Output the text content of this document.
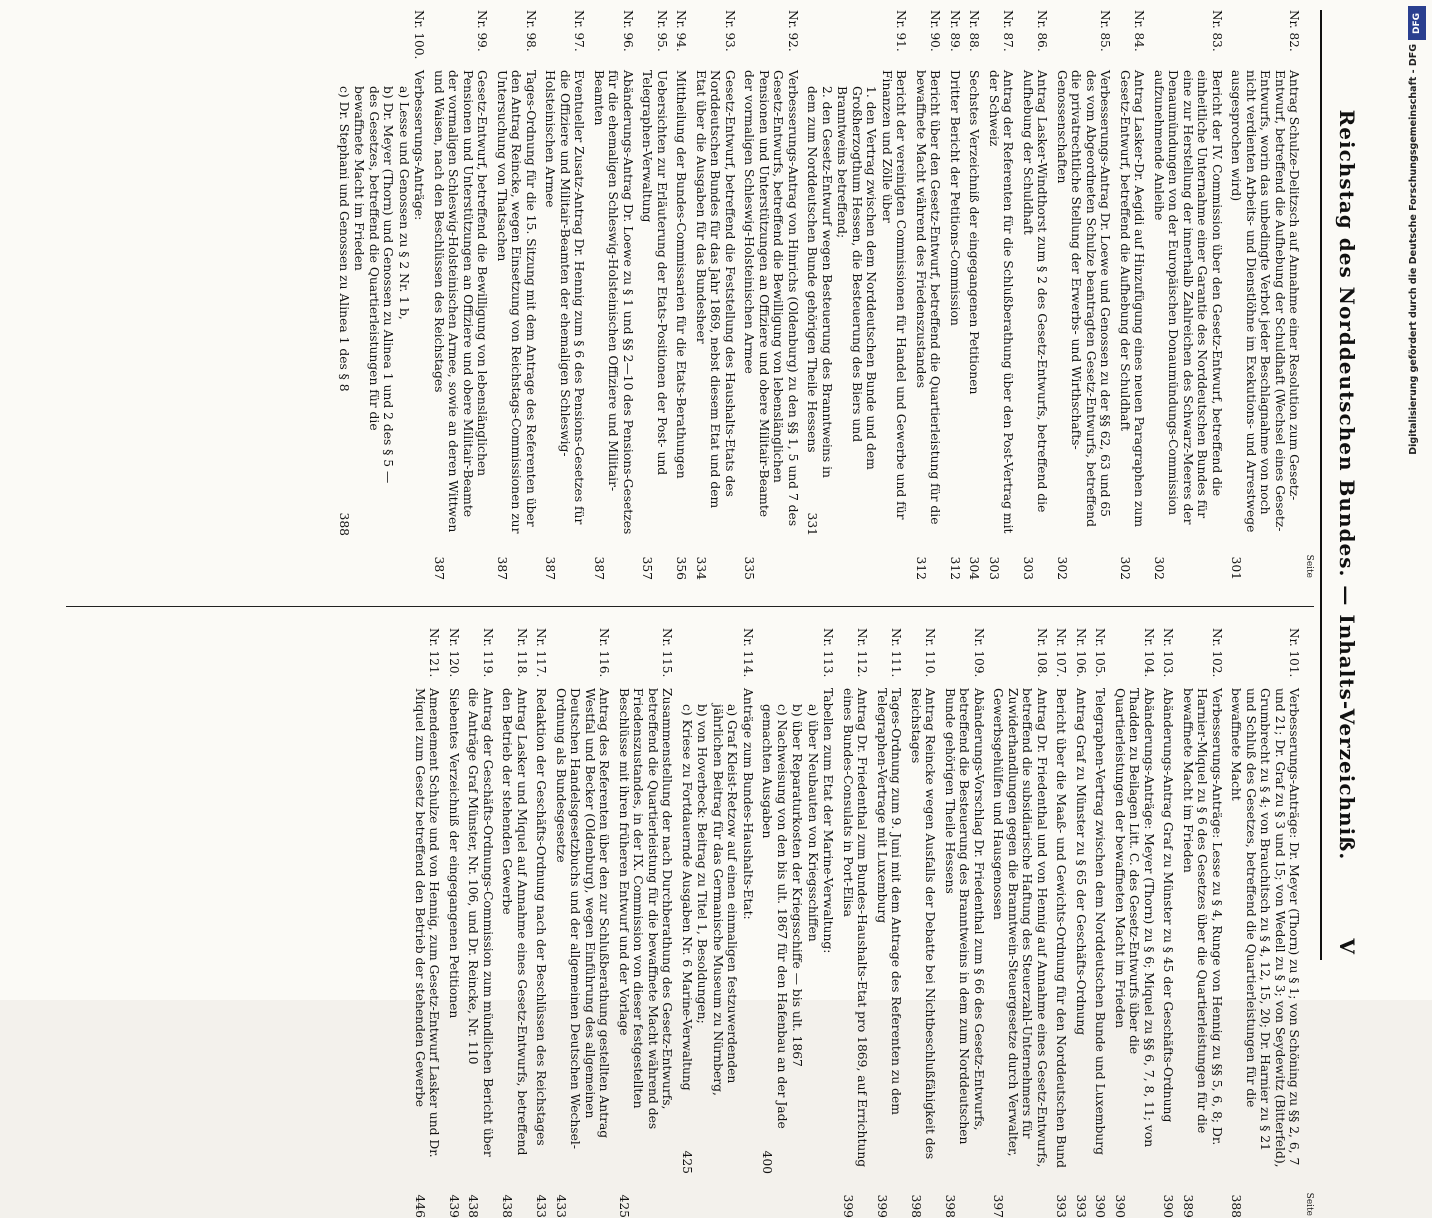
Reichstag des Norddeutschen Bundes. — Inhalts-Verzeichniß.
V
Seite
Nr. 82.
Antrag Schulze-Delitzsch auf Annahme einer Resolution zum Gesetz-Entwurf, betreffend die Aufhebung der Schuldhaft (Wechsel eines Gesetz-Entwurfs, worin das unbedingte Verbot jeder Beschlagnahme von noch nicht verdienten Arbeits- und Dienstlöhne im Exekutions- und Arrestwege ausgesprochen wird)
301
Nr. 83.
Bericht der IV. Commission über den Gesetz-Entwurf, betreffend die einheitliche Unternahme einer Garantie des Norddeutschen Bundes für eine zur Herstellung der innerhalb Zahlreichen des Schwarz-Meeres der Denaumündungen von der Europäischen Donaumündungs-Commission aufzunehmende Anleihe
302
Nr. 84.
Antrag Lasker-Dr. Aegidi auf Hinzufügung eines neuen Paragraphen zum Gesetz-Entwurf, betreffend die Aufhebung der Schuldhaft
302
Nr. 85.
Verbesserungs-Antrag Dr. Loewe und Genossen zu der §§ 62, 63 und 65 des vom Abgeordneten Schulze beantragten Gesetz-Entwurfs, betreffend die privatrechtliche Stellung der Erwerbs- und Wirthschafts-Genossenschaften
302
Nr. 86.
Antrag Lasker-Windthorst zum § 2 des Gesetz-Entwurfs, betreffend die Aufhebung der Schuldhaft
303
Nr. 87.
Antrag der Referenten für die Schlußberathung über den Post-Vertrag mit der Schweiz
303
Nr. 88.
Sechstes Verzeichniß der eingegangenen Petitionen
304
Nr. 89.
Dritter Bericht der Petitions-Commission
312
Nr. 90.
Bericht über den Gesetz-Entwurf, betreffend die Quartierleistung für die bewaffnete Macht während des Friedenszustandes
312
Nr. 91.
Bericht der vereinigten Commissionen für Handel und Gewerbe und für Finanzen und Zölle über
1. den Vertrag zwischen dem Norddeutschen Bunde und dem Großherzogthum Hessen, die Besteuerung des Biers und Branntweins betreffend;
2. den Gesetz-Entwurf wegen Besteuerung des Branntweins in dem zum Norddeutschen Bunde gehörigen Theile Hessens
331
Nr. 92.
Verbesserungs-Antrag von Hinrichs (Oldenburg) zu den §§ 1, 5 und 7 des Gesetz-Entwurfs, betreffend die Bewilligung von lebenslänglichen Pensionen und Unterstützungen an Offiziere und obere Militair-Beamte der vormaligen Schleswig-Holsteinischen Armee
335
Nr. 93.
Gesetz-Entwurf, betreffend die Feststellung des Haushalts-Etats des Norddeutschen Bundes für das Jahr 1869, nebst diesem Etat und dem Etat über die Ausgaben für das Bundesheer
334
Nr. 94.
Mittheilung der Bundes-Commissarien für die Etats-Berathungen
356
Nr. 95.
Uebersichten zur Erläuterung der Etats-Positionen der Post- und Telegraphen-Verwaltung
357
Nr. 96.
Abänderungs-Antrag Dr. Loewe zu § 1 und §§ 2—10 des Pensions-Gesetzes für die ehemaligen Schleswig-Holsteinischen Offiziere und Militair-Beamten
387
Nr. 97.
Eventueller Zusatz-Antrag Dr. Hennig zum § 6 des Pensions-Gesetzes für die Offiziere und Militair-Beamten der ehemaligen Schleswig-Holsteinischen Armee
387
Nr. 98.
Tages-Ordnung für die 15. Sitzung mit dem Antrage des Referenten über den Antrag Reincke, wegen Einsetzung von Reichstags-Commissionen zur Untersuchung von Thatsachen
387
Nr. 99.
Gesetz-Entwurf, betreffend die Bewilligung von lebenslänglichen Pensionen und Unterstützungen an Offiziere und obere Militair-Beamte der vormaligen Schleswig-Holsteinischen Armee, sowie an deren Wittwen und Waisen, nach den Beschlüssen des Reichstages
387
Nr. 100.
Verbesserungs-Anträge:
a) Lesse und Genossen zu § 2 Nr. 1 b,
b) Dr. Meyer (Thorn) und Genossen zu Alinea 1 und 2 des § 5 — des Gesetzes, betreffend die Quartierleistungen für die bewaffnete Macht im Frieden
c) Dr. Stephani und Genossen zu Alinea 1 des § 8
388
Seite
Nr. 101.
Verbesserungs-Anträge: Dr. Meyer (Thorn) zu § 1; von Schöning zu §§ 2, 6, 7 und 21; Dr. Graf zu § 3 und 15; von Wedell zu § 3; von Seydewitz (Bitterfeld), Grumbrecht zu § 4; von Brauchitsch zu § 4, 12, 15, 20; Dr. Harnier zu § 21 und Schluß des Gesetzes, betreffend die Quartierleistungen für die bewaffnete Macht
388
Nr. 102.
Verbesserungs-Anträge: Lesse zu § 4, Runge von Hennig zu §§ 5, 6, 8; Dr. Harnier-Miquel zu § 6 des Gesetzes über die Quartierleistungen für die bewaffnete Macht im Frieden
389
Nr. 103.
Abänderungs-Antrag Graf zu Münster zu § 45 der Geschäfts-Ordnung
390
Nr. 104.
Abänderungs-Anträge: Meyer (Thorn) zu § 6; Miquel zu §§ 6, 7, 8, 11; von Thadden zu Beilagen Litt. C. des Gesetz-Entwurfs über die Quartierleistungen der bewaffneten Macht im Frieden
390
Nr. 105.
Telegraphen-Vertrag zwischen dem Norddeutschen Bunde und Luxemburg
390
Nr. 106.
Antrag Graf zu Münster zu § 65 der Geschäfts-Ordnung
393
Nr. 107.
Bericht über die Maaß- und Gewichts-Ordnung für den Norddeutschen Bund
393
Nr. 108.
Antrag Dr. Friedenthal und von Hennig auf Annahme eines Gesetz-Entwurfs, betreffend die subsidiarische Haftung des Steuerzahl-Unternehmers für Zuwiderhandlungen gegen die Branntwein-Steuergesetze durch Verwalter, Gewerbsgehülfen und Hausgenossen
397
Nr. 109.
Abänderungs-Vorschlag Dr. Friedenthal zum § 66 des Gesetz-Entwurfs, betreffend die Besteuerung des Branntweins in dem zum Norddeutschen Bunde gehörigen Theile Hessens
398
Nr. 110.
Antrag Reincke wegen Ausfalls der Debatte bei Nichtbeschlußfähigkeit des Reichstages
398
Nr. 111.
Tages-Ordnung zum 9. Juni mit dem Antrage des Referenten zu dem Telegraphen-Vertrage mit Luxemburg
399
Nr. 112.
Antrag Dr. Friedenthal zum Bundes-Haushalts-Etat pro 1869, auf Errichtung eines Bundes-Consulats in Port-Elisa
399
Nr. 113.
Tabellen zum Etat der Marine-Verwaltung:
a) über Neubauten von Kriegsschiffen
b) über Reparaturkosten der Kriegsschiffe — bis ult. 1867
c) Nachweisung von den bis ult. 1867 für den Hafenbau an der Jade gemachten Ausgaben
400
Nr. 114.
Anträge zum Bundes-Haushalts-Etat:
a) Graf Kleist-Retzow auf einen einmaligen festzuwerdenden jährlichen Beitrag für das Germanische Museum zu Nürnberg,
b) von Hoverbeck: Beitrag zu Titel 1, Besoldungen;
c) Kriese zu Fortdauernde Ausgaben Nr. 6 Marine-Verwaltung
425
Nr. 115.
Zusammenstellung der nach Durchberathung des Gesetz-Entwurfs, betreffend die Quartierleistung für die bewaffnete Macht während des Friedenszustandes, in der IX. Commission von dieser festgestellten Beschlüsse mit ihren früheren Entwurf und der Vorlage
425
Nr. 116.
Antrag des Referenten über den zur Schlußberathung gestellten Antrag Westfal und Becker (Oldenburg), wegen Einführung des allgemeinen Deutschen Handelsgesetzbuchs und der allgemeinen Deutschen Wechsel-Ordnung als Bundesgesetze
433
Nr. 117.
Redaktion der Geschäfts-Ordnung nach der Beschlüssen des Reichstages
433
Nr. 118.
Antrag Lasker und Miquel auf Annahme eines Gesetz-Entwurfs, betreffend den Betrieb der stehenden Gewerbe
438
Nr. 119.
Antrag der Geschäfts-Ordnungs-Commission zum mündlichen Bericht über die Anträge Graf Münster, Nr. 106, und Dr. Reincke, Nr. 110
438
Nr. 120.
Siebentes Verzeichniß der eingegangenen Petitionen
439
Nr. 121.
Amendement Schulze und von Hennig, zum Gesetz-Entwurf Lasker und Dr. Miquel zum Gesetz betreffend den Betrieb der stehenden Gewerbe
446
DFG
Digitalisierung gefördert durch die Deutsche Forschungsgemeinschaft - DFG
